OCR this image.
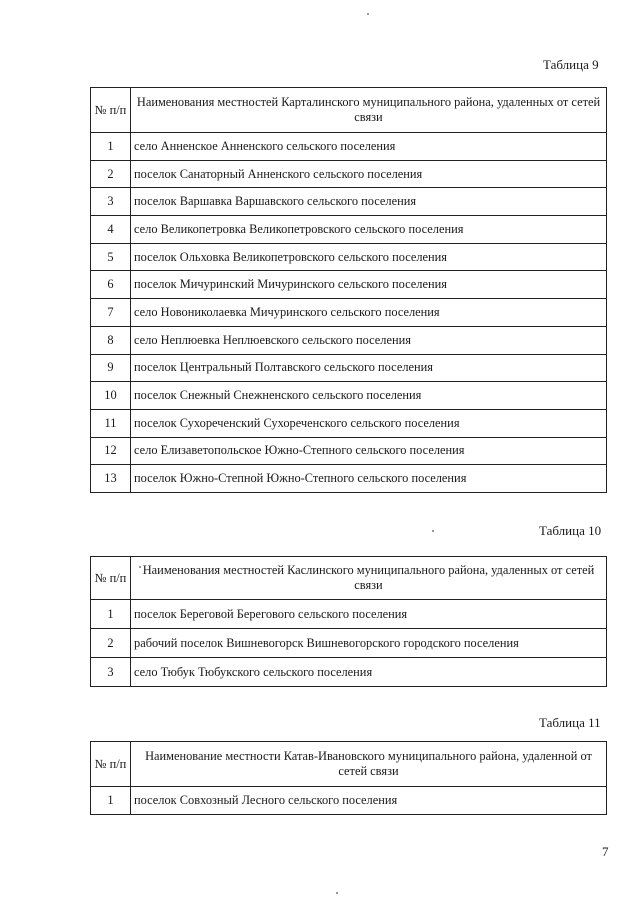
Таблица 9
№ п/п	Наименования местностей Карталинского муниципального района, удаленных от сетей связи
1	село Анненское Анненского сельского поселения
2	поселок Санаторный Анненского сельского поселения
3	поселок Варшавка Варшавского сельского поселения
4	село Великопетровка Великопетровского сельского поселения
5	поселок Ольховка Великопетровского сельского поселения
6	поселок Мичуринский Мичуринского сельского поселения
7	село Новониколаевка Мичуринского сельского поселения
8	село Неплюевка Неплюевского сельского поселения
9	поселок Центральный Полтавского сельского поселения
10	поселок Снежный Снежненского сельского поселения
11	поселок Сухореченский Сухореченского сельского поселения
12	село Елизаветопольское Южно-Степного сельского поселения
13	поселок Южно-Степной Южно-Степного сельского поселения
Таблица 10
№ п/п	Наименования местностей Каслинского муниципального района, удаленных от сетей связи
1	поселок Береговой Берегового сельского поселения
2	рабочий поселок Вишневогорск Вишневогорского городского поселения
3	село Тюбук Тюбукского сельского поселения
Таблица 11
№ п/п	Наименование местности Катав-Ивановского муниципального района, удаленной от сетей связи
1	поселок Совхозный Лесного сельского поселения
7
